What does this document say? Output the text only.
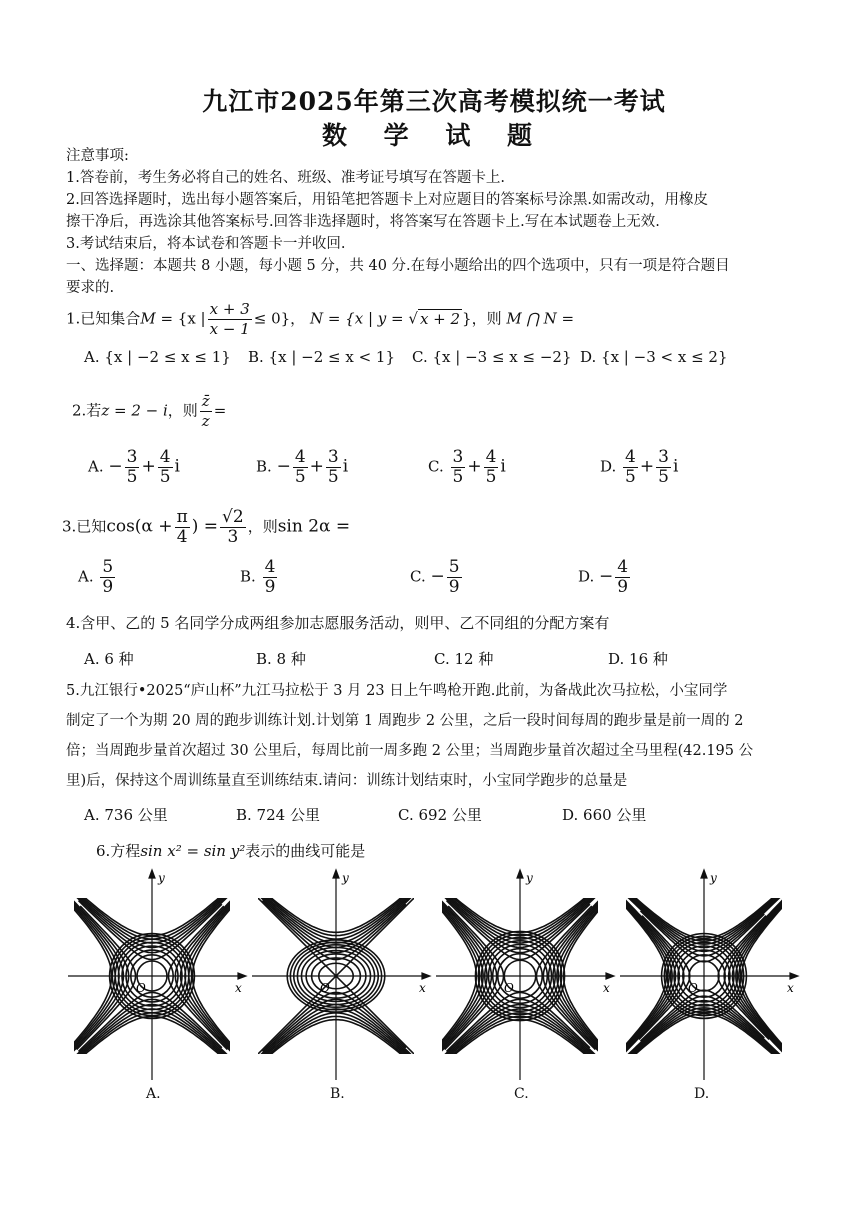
九江市2025年第三次高考模拟统一考试
数 学 试 题
注意事项:
1.答卷前，考生务必将自己的姓名、班级、准考证号填写在答题卡上.
2.回答选择题时，选出每小题答案后，用铅笔把答题卡上对应题目的答案标号涂黑.如需改动，用橡皮
擦干净后，再选涂其他答案标号.回答非选择题时，将答案写在答题卡上.写在本试题卷上无效.
3.考试结束后，将本试卷和答题卡一并收回.
一、选择题：本题共 8 小题，每小题 5 分，共 40 分.在每小题给出的四个选项中，只有一项是符合题目
要求的.
1.已知集合M = {x | $\frac{x + 3}{x - 1} \le 0$}， N = {x | y = √ x + 2 }，则 M ⋂ N =
A. {x | −2 ≤ x ≤ 1} B. {x | −2 ≤ x < 1} C. {x | −3 ≤ x ≤ −2} D. {x | −3 < x ≤ 2}
2.若z = 2 − i，则 $\frac{z̄}{z}$ =
A. − $\frac{3}{5} + \frac{4}{5}$ i	B. − $\frac{4}{5} + \frac{3}{5}$ i	C. $\frac{3}{5} + \frac{4}{5}$ i	D. $\frac{4}{5} + \frac{3}{5}$ i
3.已知$\cos(\alpha + \frac{\pi}{4}$ ) = $\frac{√2}{3}$ ，则sin 2α =
A. $\frac{5}{9}$	B. $\frac{4}{9}$	C. − $\frac{5}{9}$	D. − $\frac{4}{9}$
4.含甲、乙的 5 名同学分成两组参加志愿服务活动，则甲、乙不同组的分配方案有
A. 6 种	B. 8 种	C. 12 种	D. 16 种
5.九江银行•2025“庐山杯”九江马拉松于 3 月 23 日上午鸣枪开跑.此前，为备战此次马拉松，小宝同学
制定了一个为期 20 周的跑步训练计划.计划第 1 周跑步 2 公里，之后一段时间每周的跑步量是前一周的 2
倍；当周跑步量首次超过 30 公里后，每周比前一周多跑 2 公里；当周跑步量首次超过全马里程(42.195 公
里)后，保持这个周训练量直至训练结束.请问：训练计划结束时，小宝同学跑步的总量是
A. 736 公里	B. 724 公里	C. 692 公里	D. 660 公里
6.方程sin x² = sin y²表示的曲线可能是
x
y
O	x
y
O	x
y
O	x
y
O
A.	B.	C.	D.
